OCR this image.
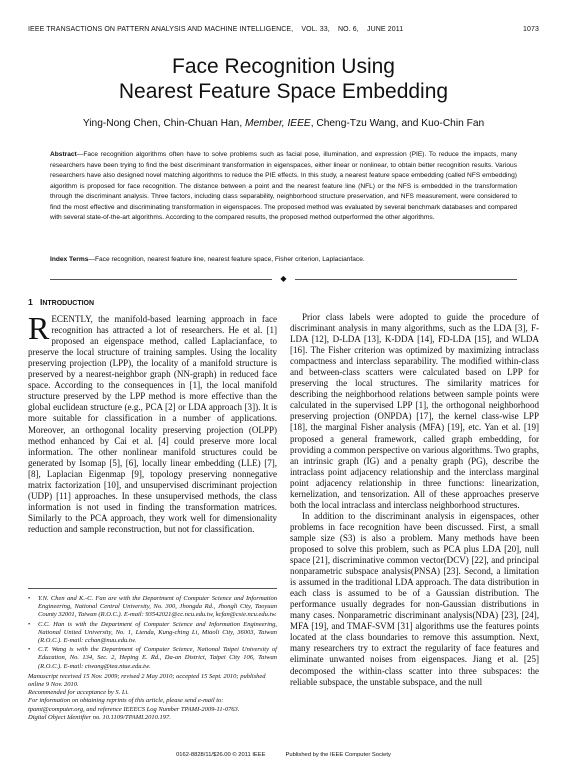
IEEE TRANSACTIONS ON PATTERN ANALYSIS AND MACHINE INTELLIGENCE,    VOL. 33,    NO. 6,    JUNE 2011	1073
Face Recognition Using
Nearest Feature Space Embedding
Ying-Nong Chen, Chin-Chuan Han, Member, IEEE, Cheng-Tzu Wang, and Kuo-Chin Fan
Abstract—Face recognition algorithms often have to solve problems such as facial pose, illumination, and expression (PIE). To reduce the impacts, many researchers have been trying to find the best discriminant transformation in eigenspaces, either linear or nonlinear, to obtain better recognition results. Various researchers have also designed novel matching algorithms to reduce the PIE effects. In this study, a nearest feature space embedding (called NFS embedding) algorithm is proposed for face recognition. The distance between a point and the nearest feature line (NFL) or the NFS is embedded in the transformation through the discriminant analysis. Three factors, including class separability, neighborhood structure preservation, and NFS measurement, were considered to find the most effective and discriminating transformation in eigenspaces. The proposed method was evaluated by several benchmark databases and compared with several state-of-the-art algorithms. According to the compared results, the proposed method outperformed the other algorithms.
Index Terms—Face recognition, nearest feature line, nearest feature space, Fisher criterion, Laplacianface.
◆
1 INTRODUCTION

RECENTLY, the manifold-based learning approach in face recognition has attracted a lot of researchers. He et al. [1] proposed an eigenspace method, called Laplacianface, to preserve the local structure of training samples. Using the locality preserving projection (LPP), the locality of a manifold structure is preserved by a nearest-neighbor graph (NN-graph) in reduced face space. According to the consequences in [1], the local manifold structure preserved by the LPP method is more effective than the global euclidean structure (e.g., PCA [2] or LDA approach [3]). It is more suitable for classification in a number of applications. Moreover, an orthogonal locality preserving projection (OLPP) method enhanced by Cai et al. [4] could preserve more local information. The other nonlinear manifold structures could be generated by Isomap [5], [6], locally linear embedding (LLE) [7], [8], Laplacian Eigenmap [9], topology preserving nonnegative matrix factorization [10], and unsupervised discriminant projection (UDP) [11] approaches. In these unsupervised methods, the class information is not used in finding the transformation matrices. Similarly to the PCA approach, they work well for dimensionality reduction and sample reconstruction, but not for classification.

• Y.N. Chen and K.-C. Fan are with the Department of Computer Science and Information Engineering, National Central University, No. 300, Jhongda Rd., Jhongli City, Taoyuan County 32001, Taiwan (R.O.C.). E-mail: 93542021@cc.ncu.edu.tw, kcfan@csie.ncu.edu.tw.
• C.C. Han is with the Department of Computer Science and Information Engineering, National United University, No. 1, Lienda, Kung-ching Li, Miaoli City, 36003, Taiwan (R.O.C.). E-mail: cchan@nuu.edu.tw.
• C.T. Wang is with the Department of Computer Science, National Taipei University of Education, No. 134, Sec. 2, Heping E. Rd., Da-an District, Taipei City 106, Taiwan (R.O.C.). E-mail: ctwang@tea.ntue.edu.tw.
Manuscript received 15 Nov. 2009; revised 2 May 2010; accepted 15 Sept. 2010; published online 9 Nov. 2010.
Recommended for acceptance by S. Li.
For information on obtaining reprints of this article, please send e-mail to: tpami@computer.org, and reference IEEECS Log Number TPAMI-2009-11-0763.
Digital Object Identifier no. 10.1109/TPAMI.2010.197.

Prior class labels were adopted to guide the procedure of discriminant analysis in many algorithms, such as the LDA [3], F-LDA [12], D-LDA [13], K-DDA [14], FD-LDA [15], and WLDA [16]. The Fisher criterion was optimized by maximizing intraclass compactness and interclass separability. The modified within-class and between-class scatters were calculated based on LPP for preserving the local structures. The similarity matrices for describing the neighborhood relations between sample points were calculated in the supervised LPP [1], the orthogonal neighborhood preserving projection (ONPDA) [17], the kernel class-wise LPP [18], the marginal Fisher analysis (MFA) [19], etc. Yan et al. [19] proposed a general framework, called graph embedding, for providing a common perspective on various algorithms. Two graphs, an intrinsic graph (IG) and a penalty graph (PG), describe the intraclass point adjacency relationship and the interclass marginal point adjacency relationship in three functions: linearization, kernelization, and tensorization. All of these approaches preserve both the local intraclass and interclass neighborhood structures.

In addition to the discriminant analysis in eigenspaces, other problems in face recognition have been discussed. First, a small sample size (S3) is also a problem. Many methods have been proposed to solve this problem, such as PCA plus LDA [20], null space [21], discriminative common vector(DCV) [22], and principal nonparametric subspace analysis(PNSA) [23]. Second, a limitation is assumed in the traditional LDA approach. The data distribution in each class is assumed to be of a Gaussian distribution. The performance usually degrades for non-Gaussian distributions in many cases. Nonparametric discriminant analysis(NDA) [23], [24], MFA [19], and TMAF-SVM [31] algorithms use the features points located at the class boundaries to remove this assumption. Next, many researchers try to extract the regularity of face features and eliminate unwanted noises from eigenspaces. Jiang et al. [25] decomposed the within-class scatter into three subspaces: the reliable subspace, the unstable subspace, and the null

0162-8828/11/$26.00 © 2011 IEEE	Published by the IEEE Computer Society
